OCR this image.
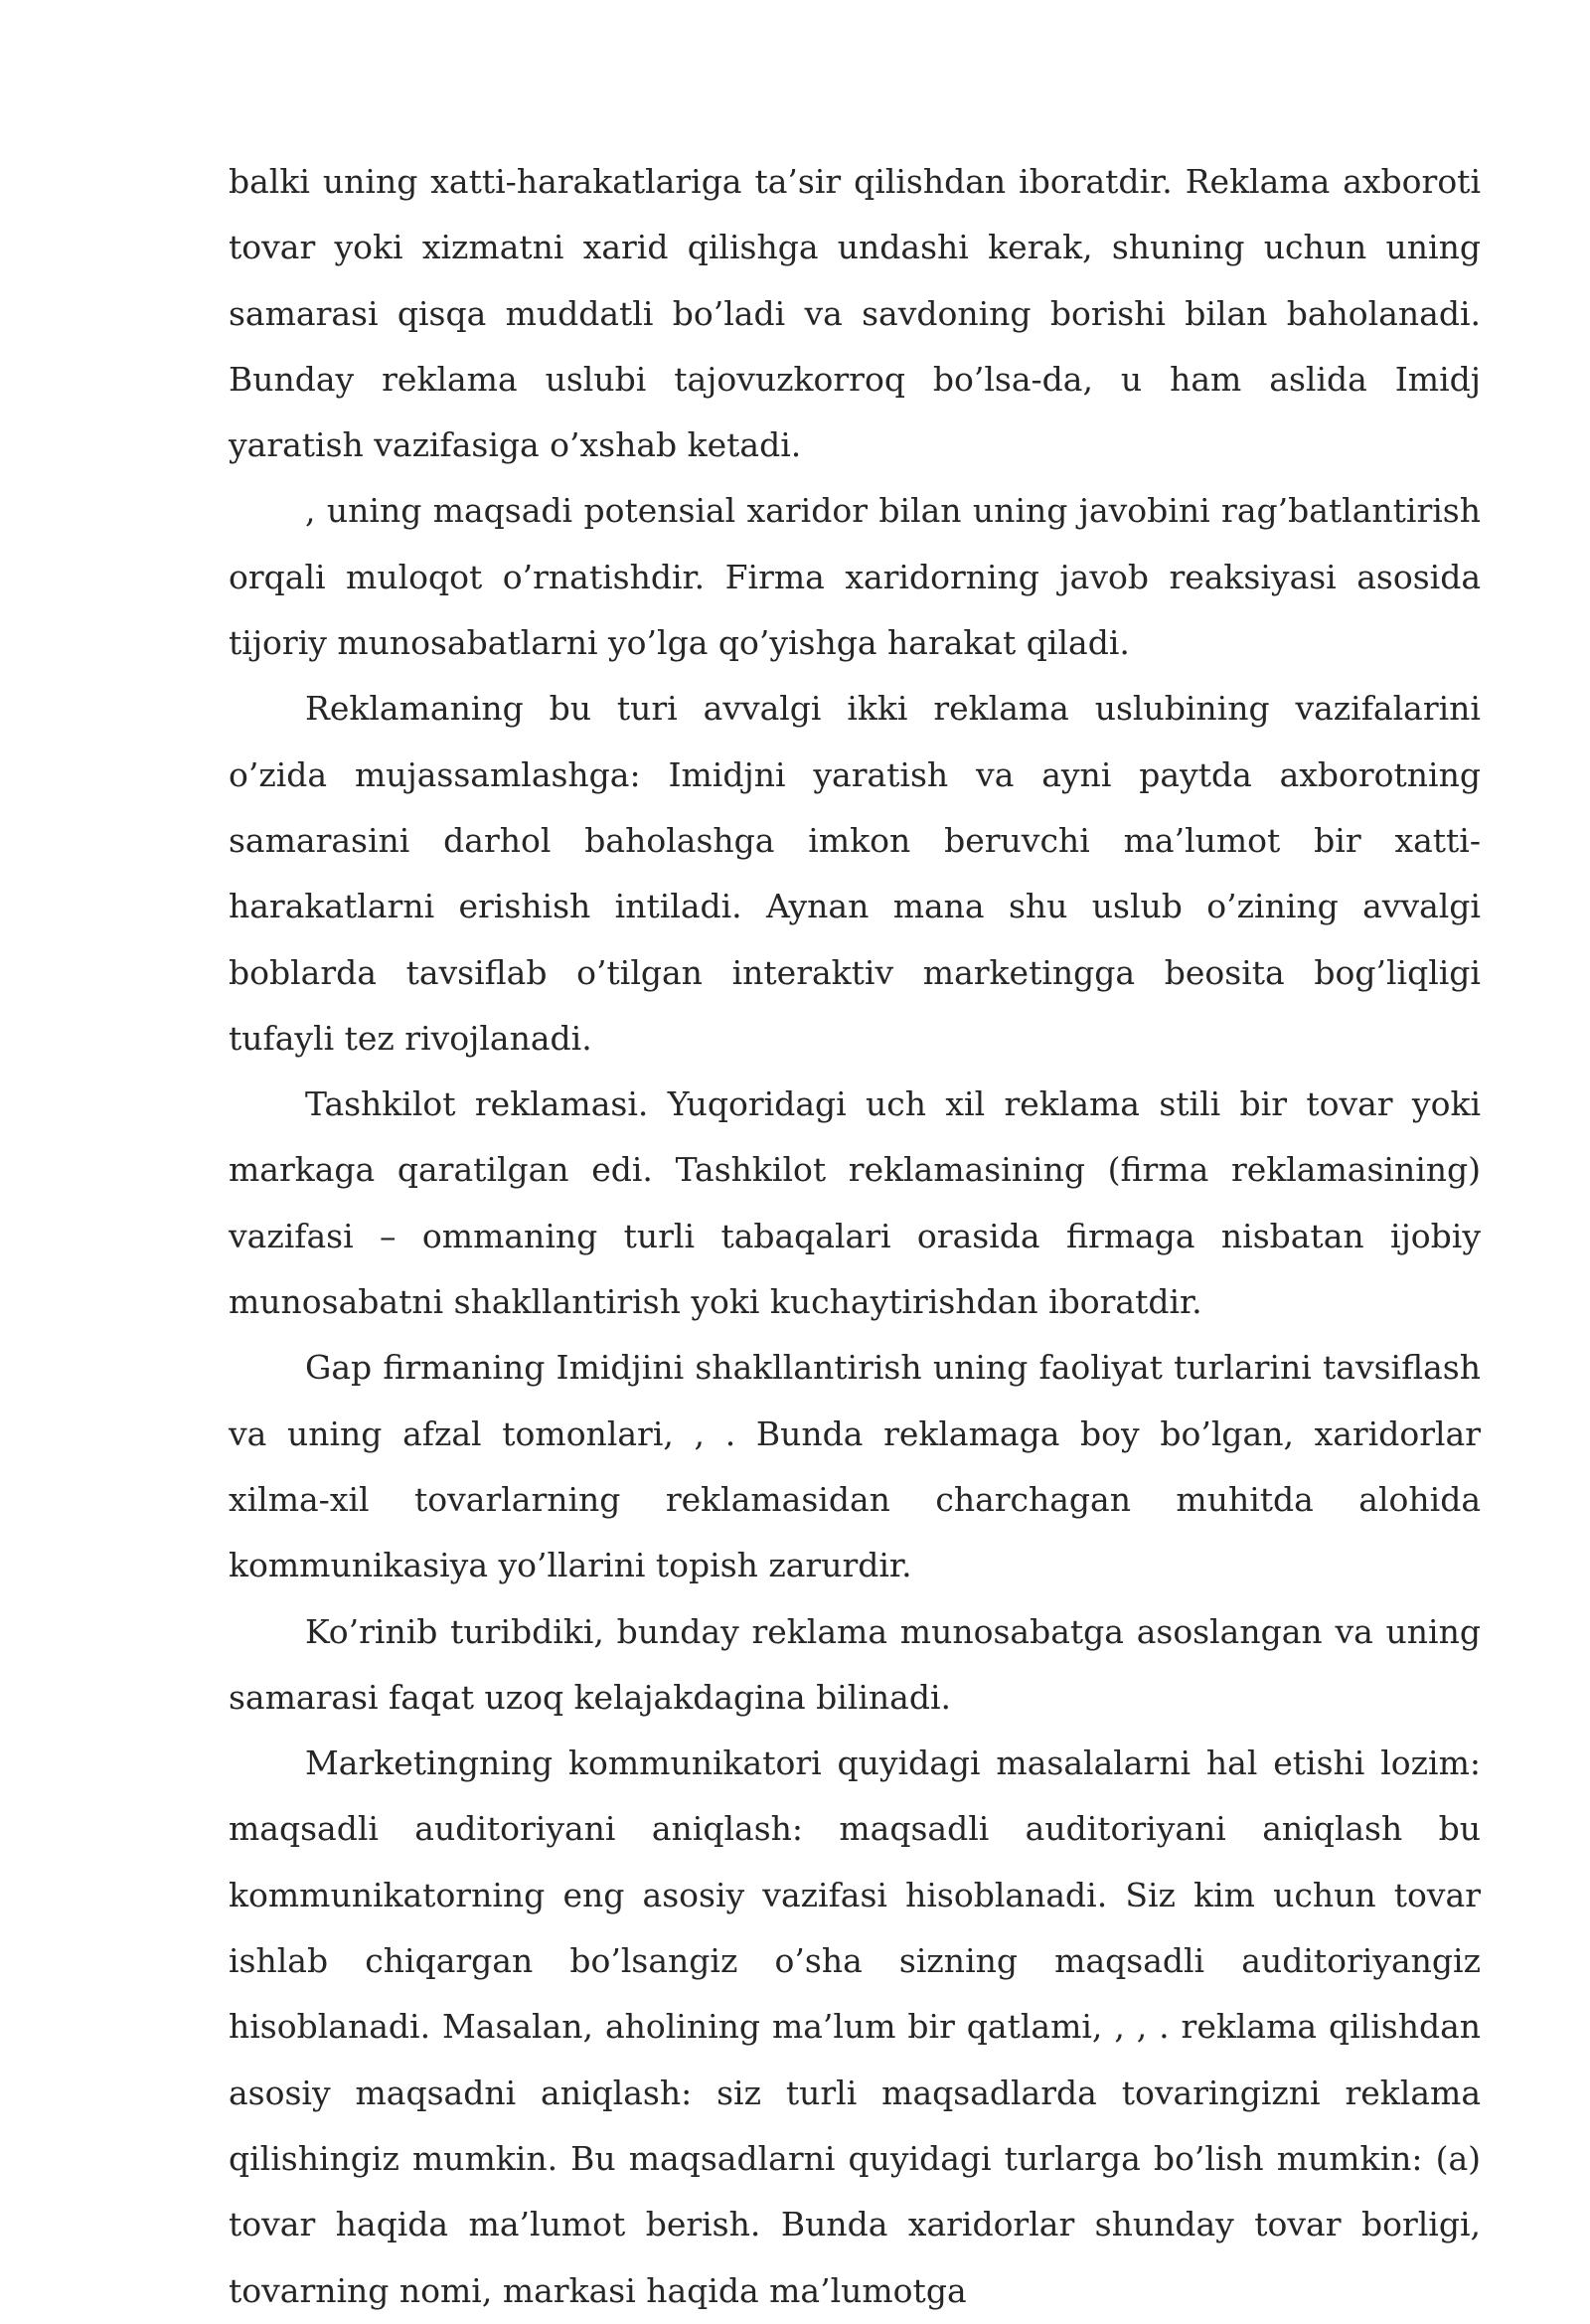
balki uning xatti-harakatlariga ta’sir qilishdan iboratdir. Reklama axboroti tovar yoki xizmatni xarid qilishga undashi kerak, shuning uchun uning samarasi qisqa muddatli bo’ladi va savdoning borishi bilan baholanadi. Bunday reklama uslubi tajovuzkorroq bo’lsa-da, u ham aslida Imidj yaratish vazifasiga o’xshab ketadi.

, uning maqsadi potensial xaridor bilan uning javobini rag’batlantirish orqali muloqot o’rnatishdir. Firma xaridorning javob reaksiyasi asosida tijoriy munosabatlarni yo’lga qo’yishga harakat qiladi.

Reklamaning bu turi avvalgi ikki reklama uslubining vazifalarini o’zida mujassamlashga: Imidjni yaratish va ayni paytda axborotning samarasini darhol baholashga imkon beruvchi ma’lumot bir xatti-harakatlarni erishish intiladi. Aynan mana shu uslub o’zining avvalgi boblarda tavsiflab o’tilgan interaktiv marketingga beosita bog’liqligi tufayli tez rivojlanadi.

Tashkilot reklamasi. Yuqoridagi uch xil reklama stili bir tovar yoki markaga qaratilgan edi. Tashkilot reklamasining (firma reklamasining) vazifasi – ommaning turli tabaqalari orasida firmaga nisbatan ijobiy munosabatni shakllantirish yoki kuchaytirishdan iboratdir.

Gap firmaning Imidjini shakllantirish uning faoliyat turlarini tavsiflash va uning afzal tomonlari, , . Bunda reklamaga boy bo’lgan, xaridorlar xilma-xil tovarlarning reklamasidan charchagan muhitda alohida kommunikasiya yo’llarini topish zarurdir.

Ko’rinib turibdiki, bunday reklama munosabatga asoslangan va uning samarasi faqat uzoq kelajakdagina bilinadi.

Marketingning kommunikatori quyidagi masalalarni hal etishi lozim: maqsadli auditoriyani aniqlash: maqsadli auditoriyani aniqlash bu kommunikatorning eng asosiy vazifasi hisoblanadi. Siz kim uchun tovar ishlab chiqargan bo’lsangiz o’sha sizning maqsadli auditoriyangiz hisoblanadi. Masalan, aholining ma’lum bir qatlami, , , . reklama qilishdan asosiy maqsadni aniqlash: siz turli maqsadlarda tovaringizni reklama qilishingiz mumkin. Bu maqsadlarni quyidagi turlarga bo’lish mumkin: (a) tovar haqida ma’lumot berish. Bunda xaridorlar shunday tovar borligi, tovarning nomi, markasi haqida ma’lumotga
